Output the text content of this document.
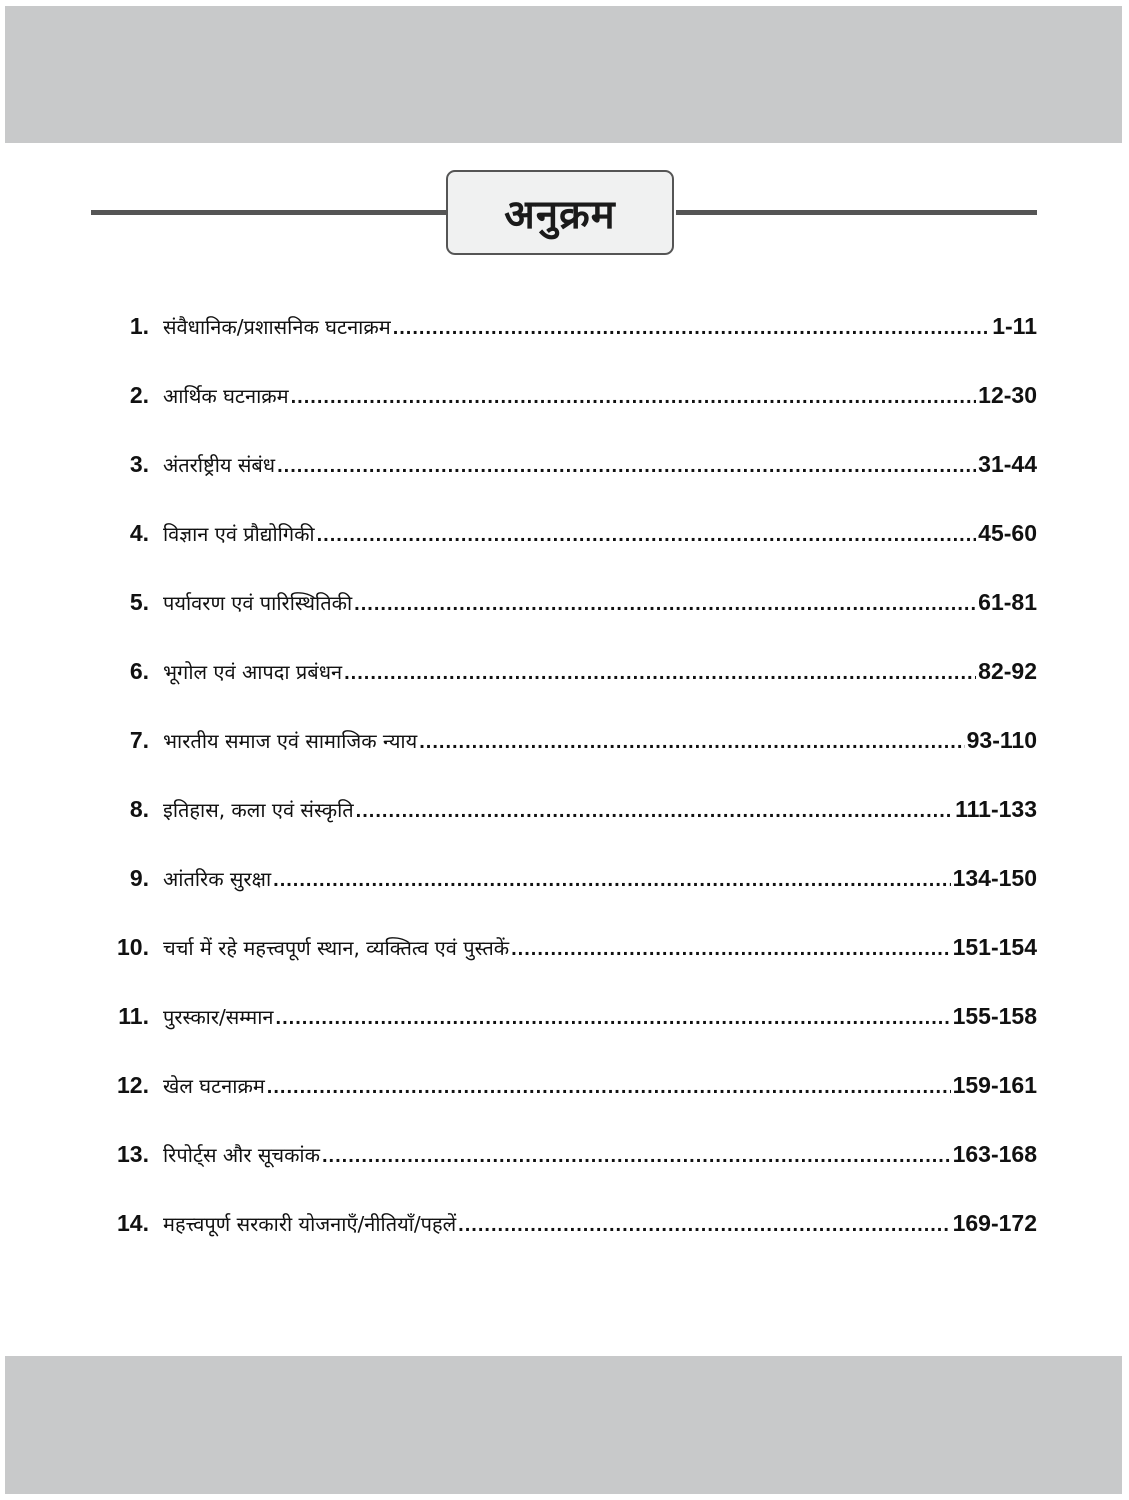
अनुक्रम
1. संवैधानिक/प्रशासनिक घटनाक्रम .....	1-11
2. आर्थिक घटनाक्रम .....	12-30
3. अंतर्राष्ट्रीय संबंध .....	31-44
4. विज्ञान एवं प्रौद्योगिकी .....	45-60
5. पर्यावरण एवं पारिस्थितिकी .....	61-81
6. भूगोल एवं आपदा प्रबंधन .....	82-92
7. भारतीय समाज एवं सामाजिक न्याय .....	93-110
8. इतिहास, कला एवं संस्कृति .....	111-133
9. आंतरिक सुरक्षा .....	134-150
10. चर्चा में रहे महत्त्वपूर्ण स्थान, व्यक्तित्व एवं पुस्तकें .....	151-154
11. पुरस्कार/सम्मान .....	155-158
12. खेल घटनाक्रम .....	159-161
13. रिपोर्ट्स और सूचकांक .....	163-168
14. महत्त्वपूर्ण सरकारी योजनाएँ/नीतियाँ/पहलें .....	169-172
